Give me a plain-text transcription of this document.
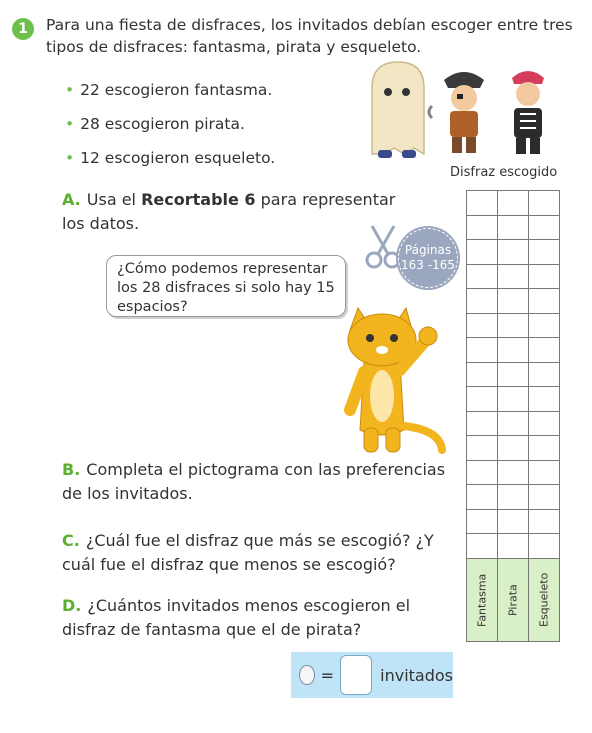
1	Para una fiesta de disfraces, los invitados debían escoger entre tres tipos de disfraces: fantasma, pirata y esqueleto.
• 22 escogieron fantasma.
• 28 escogieron pirata.
• 12 escogieron esqueleto.
A. Usa el Recortable 6 para representar los datos.
Páginas
163 -165
¿Cómo podemos representar los 28 disfraces si solo hay 15 espacios?
B. Completa el pictograma con las preferencias de los invitados.
C. ¿Cuál fue el disfraz que más se escogió? ¿Y cuál fue el disfraz que menos se escogió?
D. ¿Cuántos invitados menos escogieron el disfraz de fantasma que el de pirata?
=	invitados
Disfraz escogido

Fantasma	Pirata	Esqueleto
